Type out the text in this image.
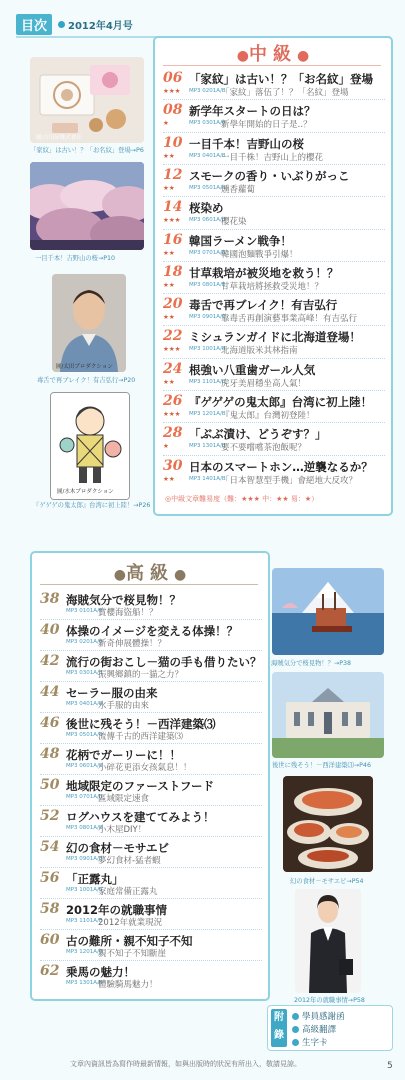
目次	2012年4月号
圖/吉田屋株式會社
「家紋」は古い！？「お名紋」登場→P6
一目千本！吉野山の桜→P10
圖/太田プロダクション
毒舌で再ブレイク！有吉弘行→P20
圖/水木プロダクション
『ゲゲゲの鬼太郎』台湾に初上陸！→P26
●中級●
06 「家紋」は古い！？「お名紋」登場
★★★ MP3 0201A/B
「家紋」落伍了！？「名紋」登場
08 新学年スタートの日は？
★	MP3 0301A/B
新學年開始的日子是‥？
10 一目千本！吉野山の桜
★★	MP3 0401A/B
一目千株！吉野山上的櫻花
12 スモークの香り・いぶりがっこ
★★	MP3 0501A/B
燻香蘿蔔
14 桜染め
★★★ MP3 0601A/B
櫻花染
16 韓国ラーメン戦争！
★★	MP3 0701A/B
韓國泡麵戰爭引爆！
18 甘草栽培が被災地を救う！？
★★	MP3 0801A/B
甘草栽培將拯救受災地！？
20 毒舌で再ブレイク！有吉弘行
★★	MP3 0901A/B
靠毒舌再創演藝事業高峰！有吉弘行
22 ミシュランガイドに北海道登場！
★★★ MP3 1001A/B
北海道版米其林指南
24 根強い八重歯ガール人気
★★	MP3 1101A/B
虎牙美眉穩坐高人氣！
26 『ゲゲゲの鬼太郎』台湾に初上陸！
★★★ MP3 1201A/B
『鬼太郎』台灣初登陸！
28 「ぶぶ漬け、どうぞす？」
★	MP3 1301A/B
要不要嚐嚐茶泡飯呢？
30 日本のスマートホン…逆襲なるか？
★★	MP3 1401A/B
「日本智慧型手機」會絕地大反攻？
◎中級文章難易度（難：★★★ 中：★★ 易：★）
●高級●
38 海賊気分で桜見物！？
MP3 0101A/B
賞櫻海盜船！？
40 体操のイメージを変える体操！？
MP3 0201A/B
新奇伸展體操！？
42 流行の街おこし－猫の手も借りたい？
MP3 0301A/B
振興鄉鎮的一貓之力？
44 セーラー服の由来
MP3 0401A/B
水手服的由來
46 後世に残そう！－西洋建築⑶
MP3 0501A/B
流傳千古的西洋建築⑶
48 花柄でガーリーに！！
MP3 0601A/B
小碎花更添女孩氣息！！
50 地域限定のファーストフード
MP3 0701A/B
區域限定速食
52 ログハウスを建ててみよう！
MP3 0801A/B
小木屋DIY！
54 幻の食材－モサエビ
MP3 0901A/B
夢幻食材-猛者蝦
56 「正露丸」
MP3 1001A/B
家庭常備正露丸
58 2012年の就職事情
MP3 1101A/B
2012年就業現況
60 古の難所・親不知子不知
MP3 1201A/B
親不知子不知斷崖
62 乗馬の魅力！
MP3 1301A/B
體驗騎馬魅力！
海賊気分で桜見物！？→P38
後世に残そう！－西洋建築⑶→P46
幻の食材－モサエビ→P54
2012年の就職事情→P58
附錄
學員感謝函
高級翻譯
生字卡
文章內資訊皆為寫作時最新情報，如與出版時的狀況有所出入，敬請見諒。	5
